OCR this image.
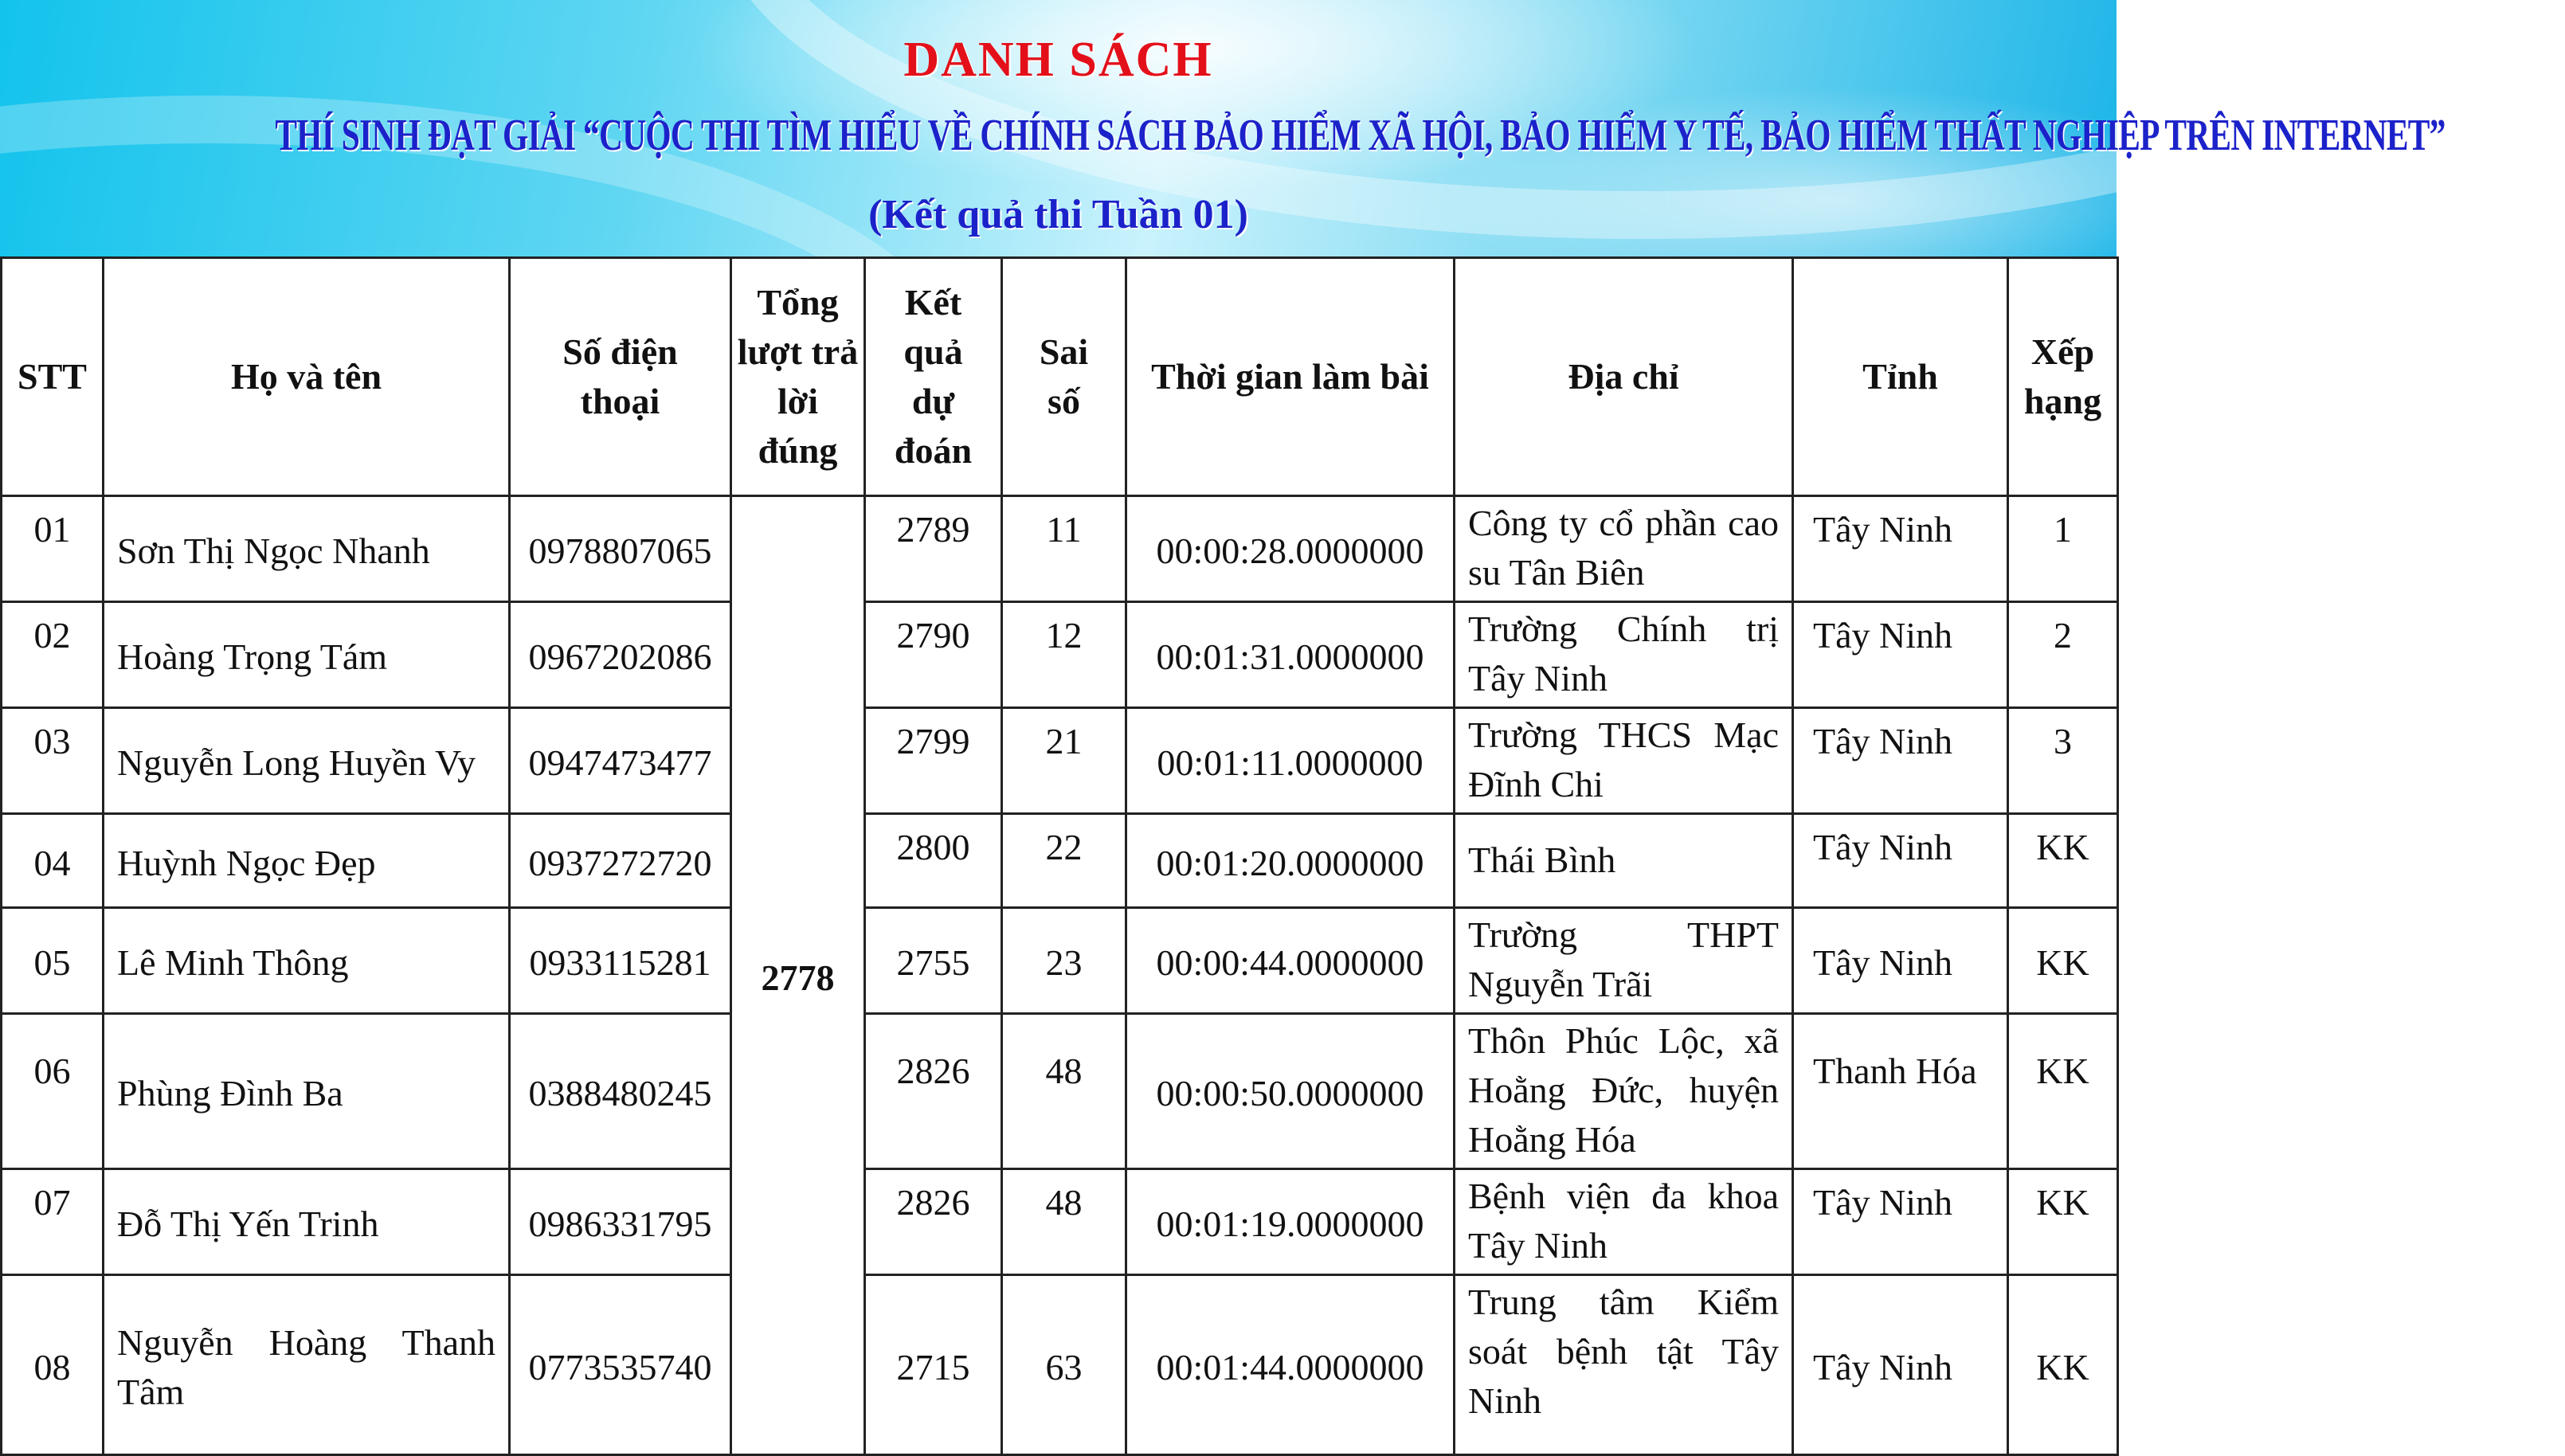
DANH SÁCH
THÍ SINH ĐẠT GIẢI “CUỘC THI TÌM HIỂU VỀ CHÍNH SÁCH BẢO HIỂM XÃ HỘI, BẢO HIỂM Y TẾ, BẢO HIỂM THẤT NGHIỆP TRÊN INTERNET”
(Kết quả thi Tuần 01)
STT	Họ và tên	Số điện thoại	Tổng lượt trả lời đúng	Kết quả dự đoán	Sai số	Thời gian làm bài	Địa chỉ	Tỉnh	Xếp hạng
01	Sơn Thị Ngọc Nhanh	0978807065	2778	2789	11	00:00:28.0000000	Công ty cổ phần cao su Tân Biên	Tây Ninh	1
02	Hoàng Trọng Tám	0967202086		2790	12	00:01:31.0000000	Trường Chính trị Tây Ninh	Tây Ninh	2
03	Nguyễn Long Huyền Vy	0947473477		2799	21	00:01:11.0000000	Trường THCS Mạc Đĩnh Chi	Tây Ninh	3
04	Huỳnh Ngọc Đẹp	0937272720		2800	22	00:01:20.0000000	Thái Bình	Tây Ninh	KK
05	Lê Minh Thông	0933115281		2755	23	00:00:44.0000000	Trường THPT Nguyễn Trãi	Tây Ninh	KK
06	Phùng Đình Ba	0388480245		2826	48	00:00:50.0000000	Thôn Phúc Lộc, xã Hoằng Đức, huyện Hoằng Hóa	Thanh Hóa	KK
07	Đỗ Thị Yến Trinh	0986331795		2826	48	00:01:19.0000000	Bệnh viện đa khoa Tây Ninh	Tây Ninh	KK
08	Nguyễn Hoàng Thanh Tâm	0773535740		2715	63	00:01:44.0000000	Trung tâm Kiểm soát bệnh tật Tây Ninh	Tây Ninh	KK
